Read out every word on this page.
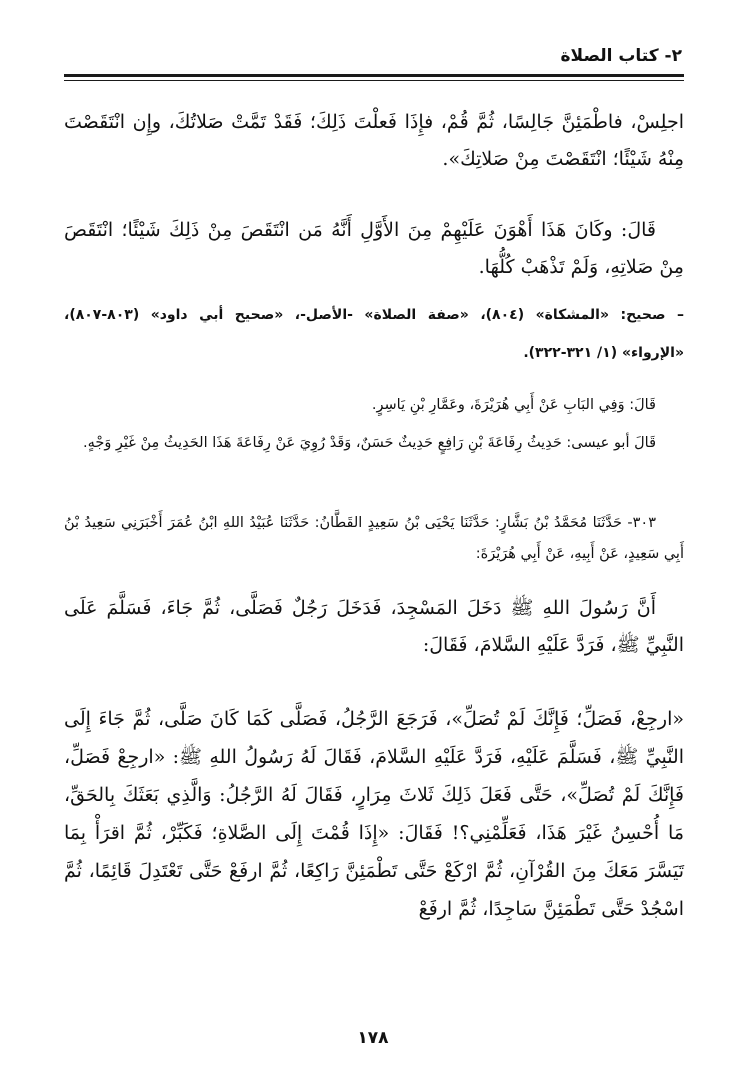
٢- كتاب الصلاة

اجلِسْ، فاطْمَئِنَّ جَالِسًا، ثُمَّ قُمْ، فإِذَا فَعلْتَ ذَلِكَ؛ فَقَدْ تَمَّتْ صَلاتُكَ، وإِن انْتَقَصْتَ مِنْهُ شَيْئًا؛ انْتَقَصْتَ مِنْ صَلاتِكَ».

قَالَ: وكَانَ هَذَا أَهْوَنَ عَلَيْهِمْ مِنَ الأَوَّلِ أَنَّهُ مَن انْتَقَصَ مِنْ ذَلِكَ شَيْئًا؛ انْتَقَصَ مِنْ صَلاتِهِ، وَلَمْ تَذْهَبْ كُلُّهَا.

– صحيح: «المشكاة» (٨٠٤)، «صفة الصلاة» -الأصل-، «صحيح أبي داود» (٨٠٣-٨٠٧)، «الإرواء» (١/ ٣٢١-٣٢٢).

قَالَ: وَفِي البَابِ عَنْ أَبِي هُرَيْرَةَ، وعَمَّارِ بْنِ يَاسِرٍ.

قَالَ أبو عيسى: حَدِيثُ رِفَاعَةَ بْنِ رَافِعٍ حَدِيثٌ حَسَنٌ، وَقَدْ رُوِيَ عَنْ رِفَاعَةَ هَذَا الحَدِيثُ مِنْ غَيْرِ وَجْهٍ.

٣٠٣- حَدَّثَنَا مُحَمَّدُ بْنُ بَشَّارٍ: حَدَّثَنَا يَحْيَى بْنُ سَعِيدٍ القَطَّانُ: حَدَّثَنَا عُبَيْدُ اللهِ ابْنُ عُمَرَ أَخْبَرَنِي سَعِيدُ بْنُ أَبِي سَعِيدٍ، عَنْ أَبِيهِ، عَنْ أَبِي هُرَيْرَةَ:

أَنَّ رَسُولَ اللهِ ﷺ دَخَلَ المَسْجِدَ، فَدَخَلَ رَجُلٌ فَصَلَّى، ثُمَّ جَاءَ، فَسَلَّمَ عَلَى النَّبِيِّ ﷺ، فَرَدَّ عَلَيْهِ السَّلامَ، فَقَالَ:

«ارجِعْ، فَصَلِّ؛ فَإِنَّكَ لَمْ تُصَلِّ»، فَرَجَعَ الرَّجُلُ، فَصَلَّى كَمَا كَانَ صَلَّى، ثُمَّ جَاءَ إِلَى النَّبِيِّ ﷺ، فَسَلَّمَ عَلَيْهِ، فَرَدَّ عَلَيْهِ السَّلامَ، فَقَالَ لَهُ رَسُولُ اللهِ ﷺ: «ارجِعْ فَصَلِّ، فَإِنَّكَ لَمْ تُصَلِّ»، حَتَّى فَعَلَ ذَلِكَ ثَلاثَ مِرَارٍ، فَقَالَ لَهُ الرَّجُلُ: وَالَّذِي بَعَثَكَ بِالحَقِّ، مَا أُحْسِنُ غَيْرَ هَذَا، فَعَلِّمْنِي؟! فَقَالَ: «إِذَا قُمْتَ إِلَى الصَّلاةِ؛ فَكَبِّرْ، ثُمَّ اقرَأْ بِمَا تَيَسَّرَ مَعَكَ مِنَ القُرْآنِ، ثُمَّ ارْكَعْ حَتَّى تَطْمَئِنَّ رَاكِعًا، ثُمَّ ارفَعْ حَتَّى تَعْتَدِلَ قَائِمًا، ثُمَّ اسْجُدْ حَتَّى تَطْمَئِنَّ سَاجِدًا، ثُمَّ ارفَعْ

١٧٨
